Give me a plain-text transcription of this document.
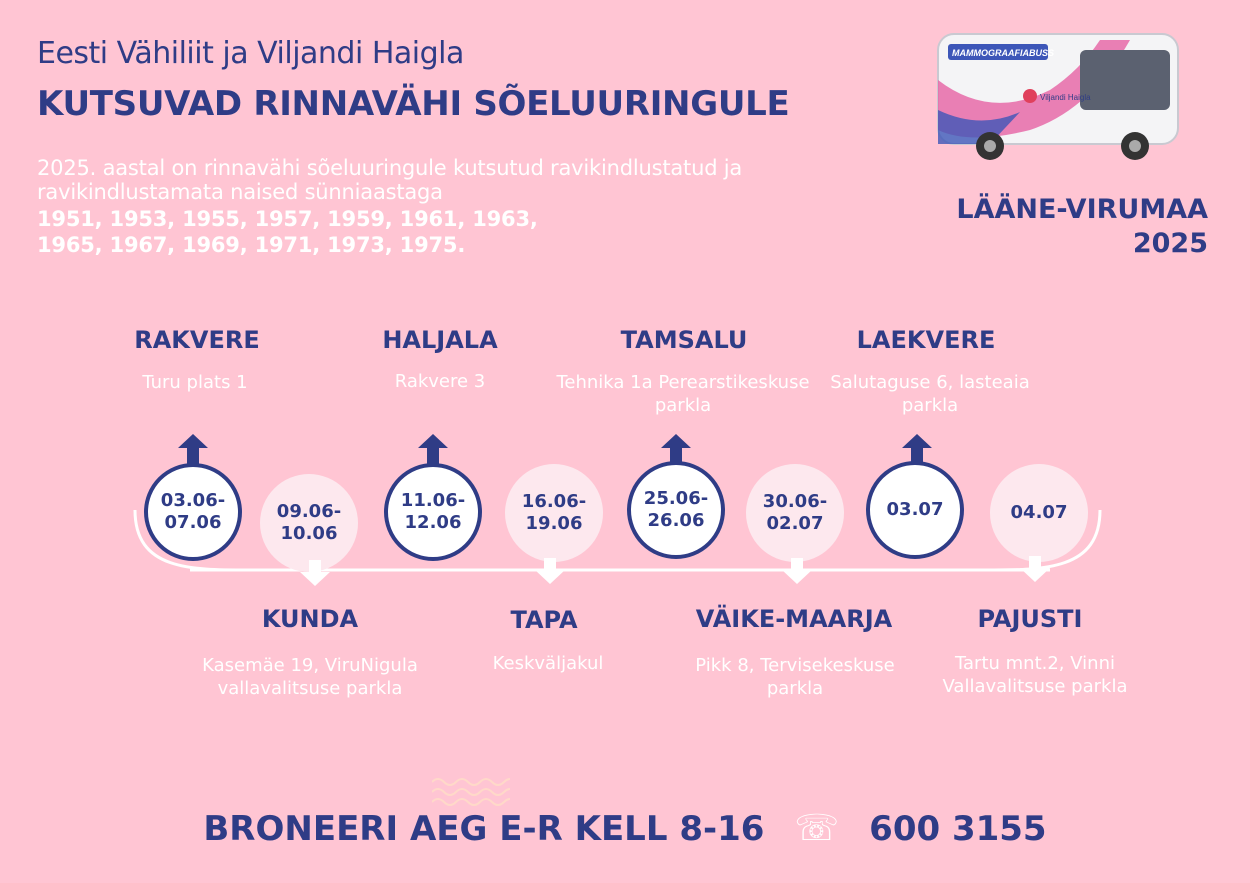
Eesti Vähiliit ja Viljandi Haigla
KUTSUVAD RINNAVÄHI SÕELUURINGULE
2025. aastal on rinnavähi sõeluuringule kutsutud ravikindlustatud ja ravikindlustamata naised sünniaastaga
1951, 1953, 1955, 1957, 1959, 1961, 1963,
1965, 1967, 1969, 1971, 1973, 1975.
LÄÄNE-VIRUMAA
2025
MAMMOGRAAFIABUSS
Viljandi Haigla
RAKVERE
Turu plats 1
03.06-
07.06
09.06-
10.06
KUNDA
Kasemäe 19, ViruNigula vallavalitsuse parkla
HALJALA
Rakvere 3
11.06-
12.06
16.06-
19.06
TAPA
Keskväljakul
TAMSALU
Tehnika 1a Perearstikeskuse parkla
25.06-
26.06
30.06-
02.07
VÄIKE-MAARJA
Pikk 8, Tervisekeskuse parkla
LAEKVERE
Salutaguse 6, lasteaia parkla
03.07	04.07
PAJUSTI
Tartu mnt.2, Vinni Vallavalitsuse parkla
BRONEERI AEG E-R KELL 8-16 ☏ 600 3155
